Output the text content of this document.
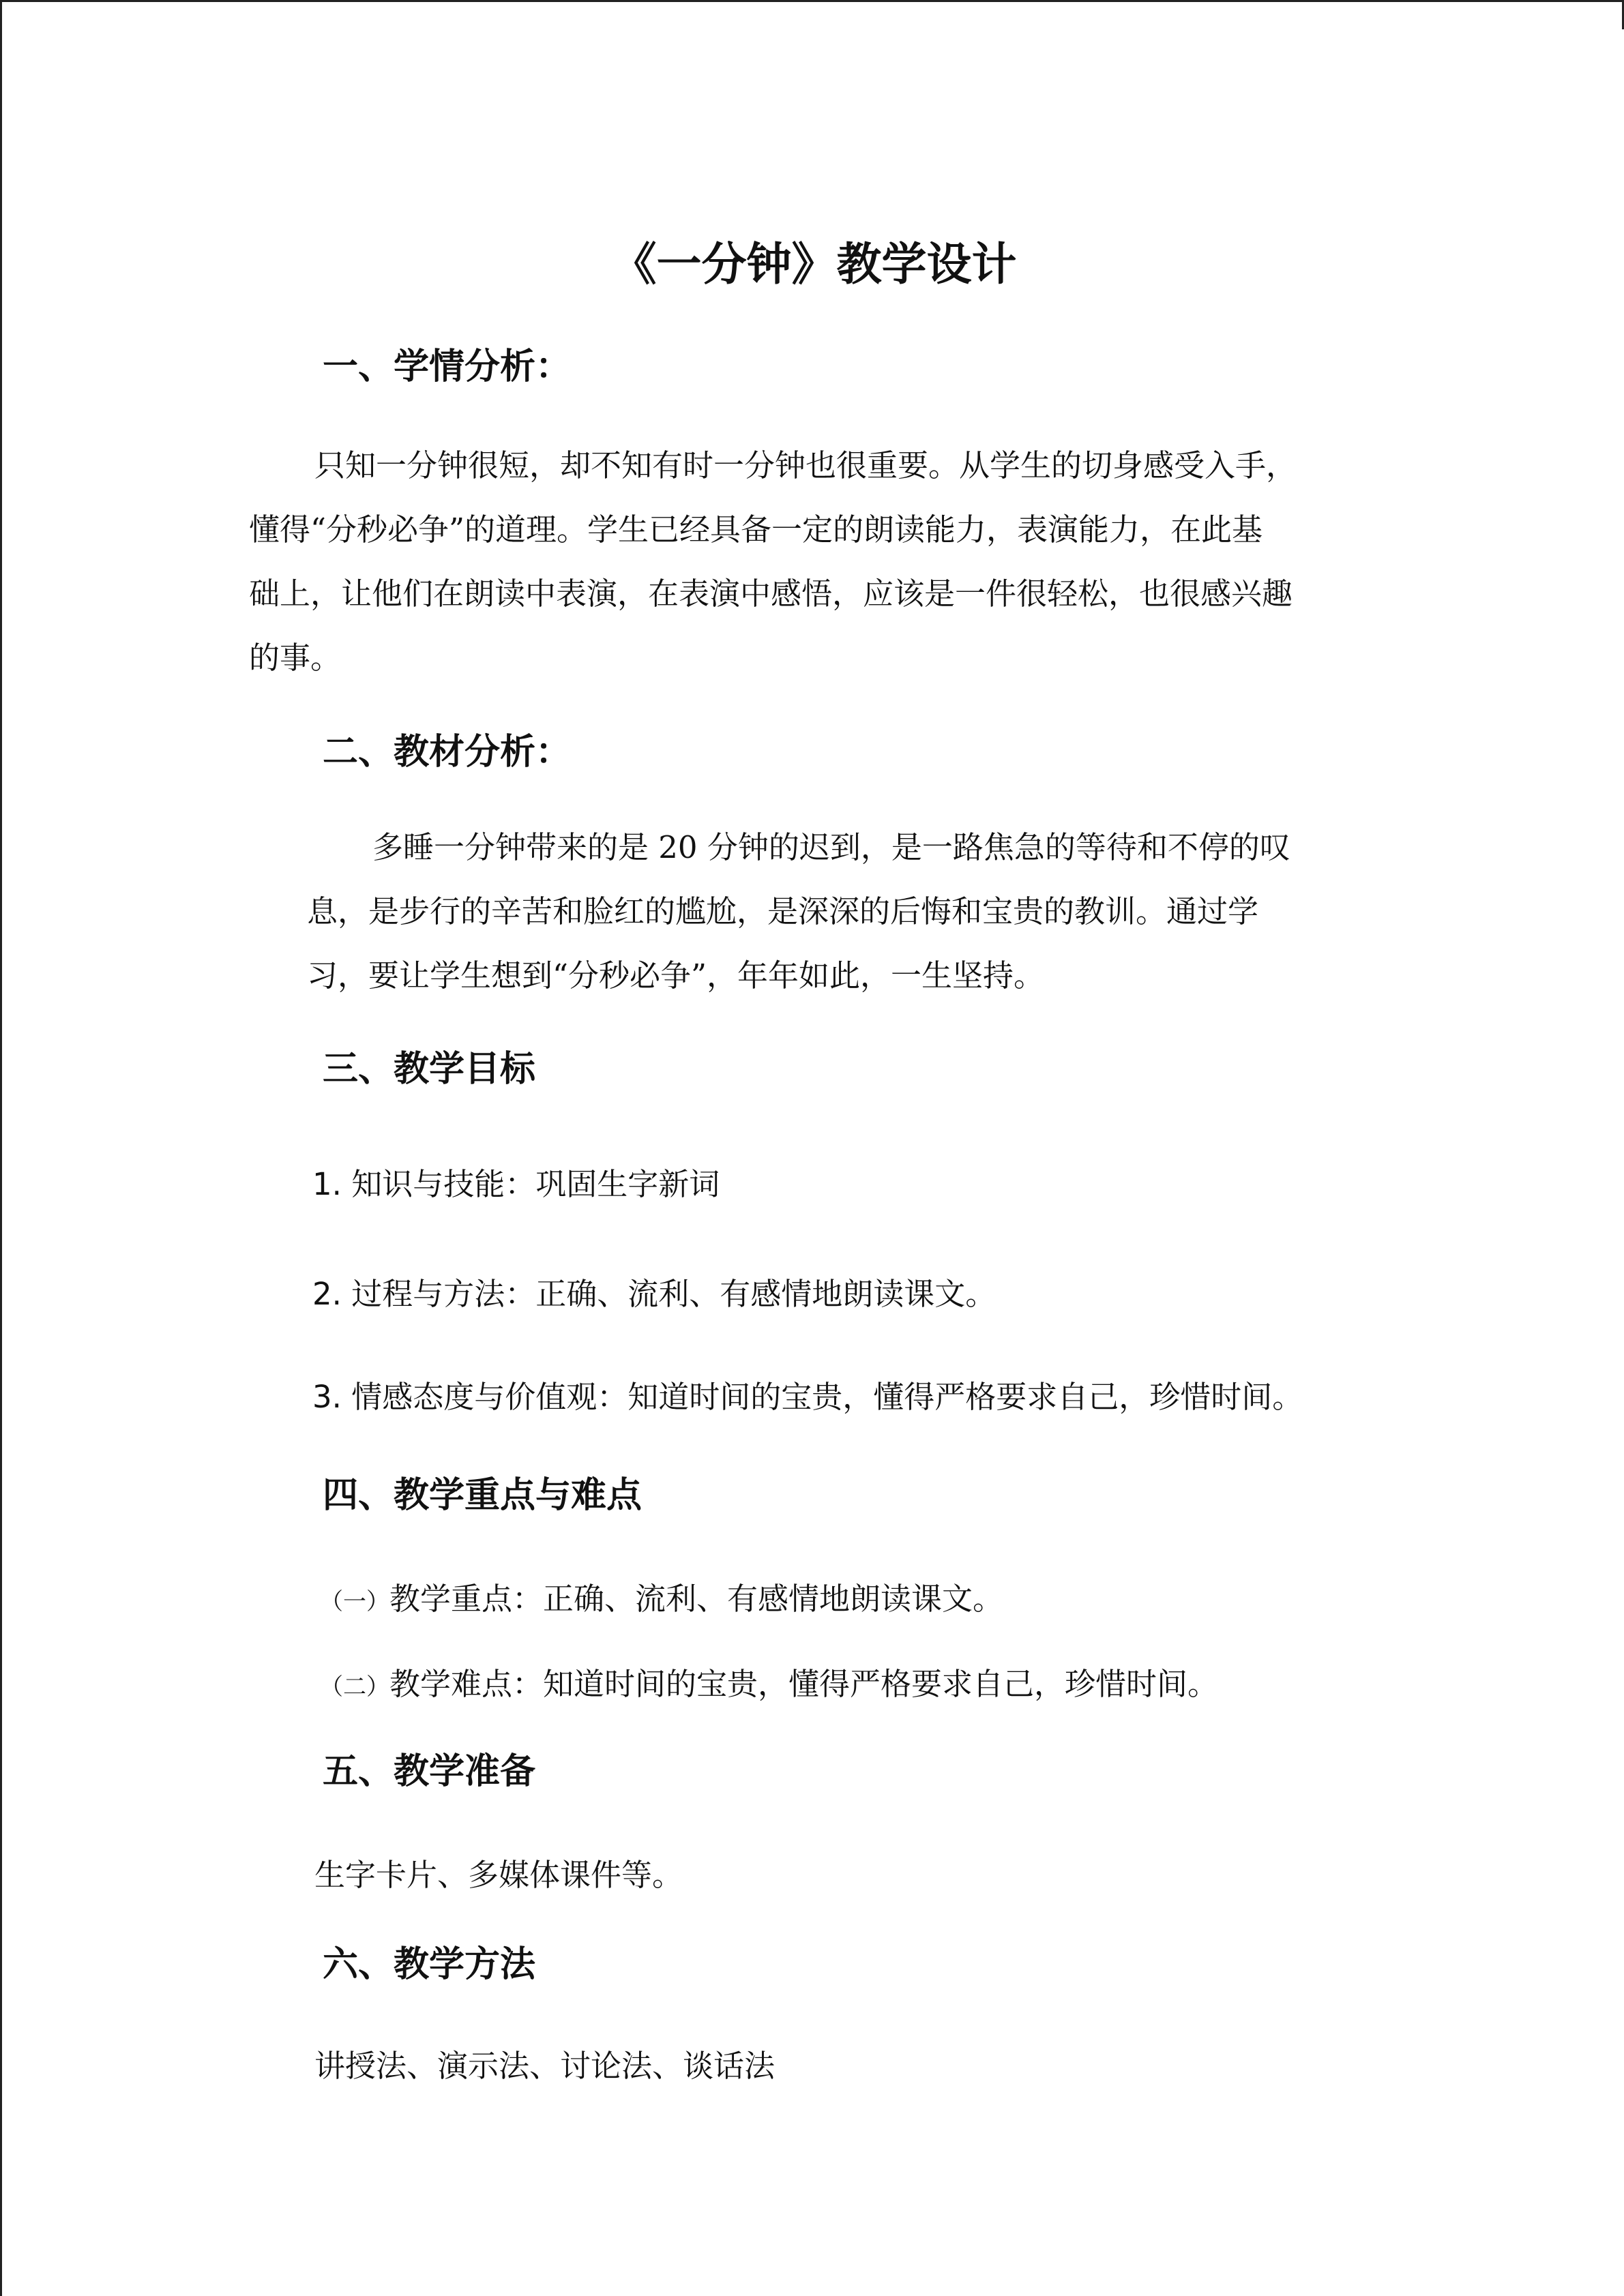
《一分钟》教学设计
一、学情分析：
只知一分钟很短，却不知有时一分钟也很重要。从学生的切身感受入手，
懂得“分秒必争”的道理。学生已经具备一定的朗读能力，表演能力，在此基
础上，让他们在朗读中表演，在表演中感悟，应该是一件很轻松，也很感兴趣
的事。
二、教材分析：
多睡一分钟带来的是 20 分钟的迟到，是一路焦急的等待和不停的叹
息，是步行的辛苦和脸红的尴尬，是深深的后悔和宝贵的教训。通过学
习，要让学生想到“分秒必争”，年年如此，一生坚持。
三、教学目标

1. 知识与技能：巩固生字新词

2. 过程与方法：正确、流利、有感情地朗读课文。

3. 情感态度与价值观：知道时间的宝贵，懂得严格要求自己，珍惜时间。

四、教学重点与难点

（一）教学重点：正确、流利、有感情地朗读课文。

（二）教学难点：知道时间的宝贵，懂得严格要求自己，珍惜时间。

五、教学准备

生字卡片、多媒体课件等。

六、教学方法

讲授法、演示法、讨论法、谈话法
